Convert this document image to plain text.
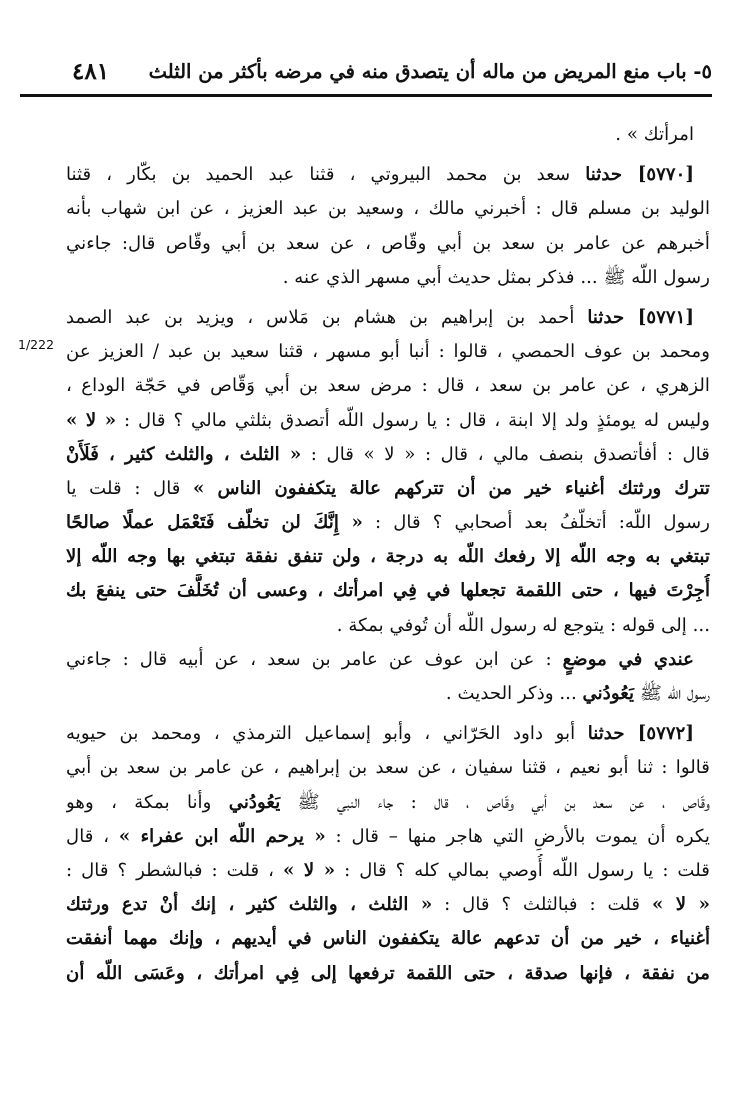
٤٨١ ٥- باب منع المريض من ماله أن يتصدق منه في مرضه بأكثر من الثلث
1/222
امرأتك » .
[٥٧٧٠] حدثنا سعد بن محمد البيروتي ، قثنا عبد الحميد بن بكّار ، قثنا
الوليد بن مسلم قال : أخبرني مالك ، وسعيد بن عبد العزيز ، عن ابن شهاب بأنه
أخبرهم عن عامر بن سعد بن أبي وقّاص ، عن سعد بن أبي وقّاص قال: جاءني
رسول اللّه ﷺ ... فذكر بمثل حديث أبي مسهر الذي عنه .
[٥٧٧١] حدثنا أحمد بن إبراهيم بن هشام بن مَلاس ، ويزيد بن عبد الصمد
ومحمد بن عوف الحمصي ، قالوا : أنبا أبو مسهر ، قثنا سعيد بن عبد / العزيز عن
الزهري ، عن عامر بن سعد ، قال : مرض سعد بن أبي وَقّاص في حَجّة الوداع ،
وليس له يومئذٍ ولد إلا ابنة ، قال : يا رسول اللّه أتصدق بثلثي مالي ؟ قال : « لا »
قال : أفأتصدق بنصف مالي ، قال : « لا » قال : « الثلث ، والثلث كثير ، فَلَأَنْ
تترك ورثتك أغنياء خير من أن تتركهم عالة يتكففون الناس » قال : قلت يا
رسول اللّه: أتخلّفُ بعد أصحابي ؟ قال : « إِنَّكَ لن تخلّف فَتَعْمَل عملًا صالحًا
تبتغي به وجه اللّه إلا رفعك اللّه به درجة ، ولن تنفق نفقة تبتغي بها وجه اللّه إلا
أُجِرْتَ فيها ، حتى اللقمة تجعلها في فِي امرأتك ، وعسى أن تُخَلَّفَ حتى ينفعَ بك
... إلى قوله : يتوجع له رسول اللّه أن تُوفي بمكة .
عندي في موضعٍ : عن ابن عوف عن عامر بن سعد ، عن أبيه قال : جاءني
رسول اللّه ﷺ يَعُودُني ... وذكر الحديث .
[٥٧٧٢] حدثنا أبو داود الحَرّاني ، وأبو إسماعيل الترمذي ، ومحمد بن حيويه
قالوا : ثنا أبو نعيم ، قثنا سفيان ، عن سعد بن إبراهيم ، عن عامر بن سعد بن أبي
وقّاص ، عن سعد بن أبي وقّاص ، قال : جاء النبي ﷺ يَعُودُني وأنا بمكة ، وهو
يكره أن يموت بالأرضِ التي هاجر منها – قال : « يرحم اللّه ابن عفراء » ، قال
قلت : يا رسول اللّه أُوصي بمالي كله ؟ قال : « لا » ، قلت : فبالشطر ؟ قال :
« لا » قلت : فبالثلث ؟ قال : « الثلث ، والثلث كثير ، إنك أنْ تدع ورثتك
أغنياء ، خير من أن تدعهم عالة يتكففون الناس في أيديهم ، وإنك مهما أنفقت
من نفقة ، فإنها صدقة ، حتى اللقمة ترفعها إلى فِي امرأتك ، وعَسَى اللّه أن
